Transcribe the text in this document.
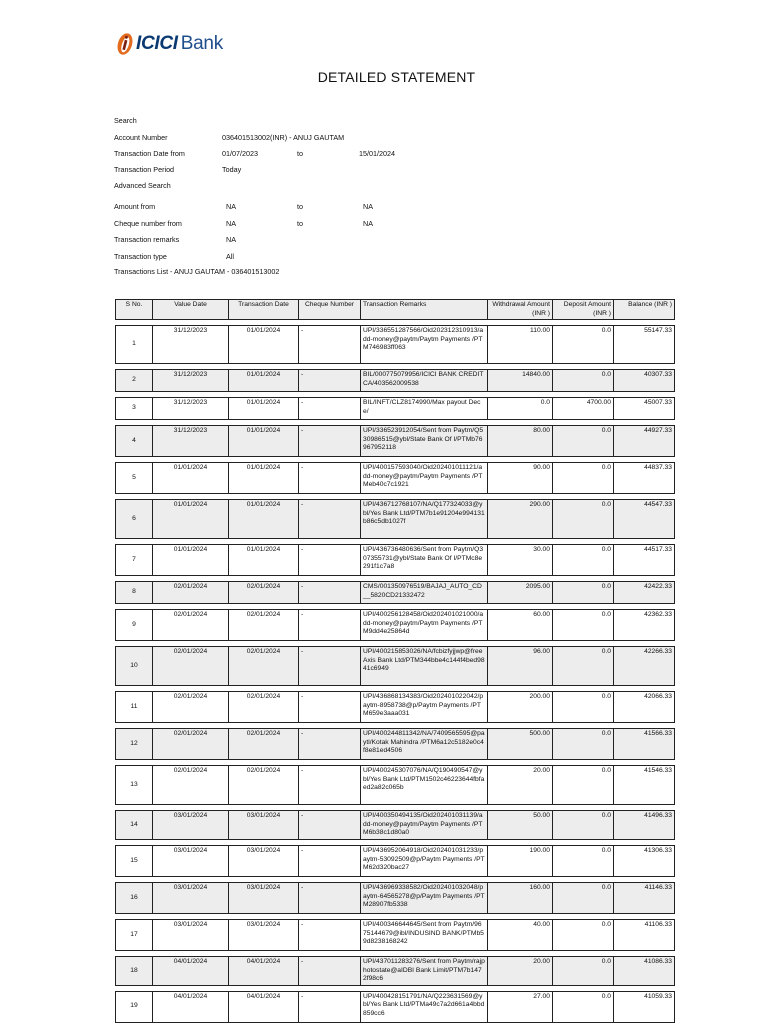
ICICI Bank
DETAILED STATEMENT
Search
Account Number	036401513002(INR) - ANUJ GAUTAM
Transaction Date from	01/07/2023	to	15/01/2024
Transaction Period	Today
Advanced Search
Amount from	NA	to	NA
Cheque number from	NA	to	NA
Transaction remarks	NA
Transaction type	All
Transactions List - ANUJ GAUTAM - 036401513002
S No.	Value Date	Transaction Date	Cheque Number	Transaction Remarks	Withdrawal Amount (INR )	Deposit Amount (INR )	Balance (INR )

1	31/12/2023	01/01/2024	-	UPI/336551287566/Oid202312310913/add-money@paytm/Paytm Payments /PTM746983ff063	110.00	0.0	55147.33

2	31/12/2023	01/01/2024	-	BIL/000775079956/ICICI BANK CREDIT CA/403562009538	14840.00	0.0	40307.33

3	31/12/2023	01/01/2024	-	BIL/INFT/CLZ8174990/Max payout Dece/	0.0	4700.00	45007.33

4	31/12/2023	01/01/2024	-	UPI/336523912054/Sent from Paytm/Q530986515@ybl/State Bank Of I/PTMb76967952118	80.00	0.0	44927.33

5	01/01/2024	01/01/2024	-	UPI/400157593040/Oid202401011121/add-money@paytm/Paytm Payments /PTMeb40c7c1921	90.00	0.0	44837.33

6	01/01/2024	01/01/2024	-	UPI/436712768107/NA/Q177324033@ybl/Yes Bank Ltd/PTM7b1e91204e994131b86c5db1027f	290.00	0.0	44547.33

7	01/01/2024	01/01/2024	-	UPI/436736480636/Sent from Paytm/Q307355731@ybl/State Bank Of I/PTMc8e291f1c7a8	30.00	0.0	44517.33

8	02/01/2024	02/01/2024	-	CMS/001350976519/BAJAJ_AUTO_CD__5820CD21332472	2095.00	0.0	42422.33

9	02/01/2024	02/01/2024	-	UPI/400256128458/Oid202401021000/add-money@paytm/Paytm Payments /PTM9dd4e25864d	60.00	0.0	42362.33

10	02/01/2024	02/01/2024	-	UPI/400215853026/NA/fcbizfyjjwp@freeAxis Bank Ltd/PTM344bbe4c144f4bed9841c6949	96.00	0.0	42266.33

11	02/01/2024	02/01/2024	-	UPI/436868134383/Oid202401022042/paytm-8958738@p/Paytm Payments /PTM659e3aaa031	200.00	0.0	42066.33

12	02/01/2024	02/01/2024	-	UPI/400244811342/NA/7409565595@paytl/Kotak Mahindra /PTM6a12c5182e0c4f8e81ed4506	500.00	0.0	41566.33

13	02/01/2024	02/01/2024	-	UPI/400245307076/NA/Q190490547@ybl/Yes Bank Ltd/PTM1502c46223644fbfaed2a82c065b	20.00	0.0	41546.33

14	03/01/2024	03/01/2024	-	UPI/400350494135/Oid202401031139/add-money@paytm/Paytm Payments /PTM6b38c1d80a0	50.00	0.0	41496.33

15	03/01/2024	03/01/2024	-	UPI/436952064918/Oid202401031233/paytm-53092509@p/Paytm Payments /PTM62d320bac27	190.00	0.0	41306.33

16	03/01/2024	03/01/2024	-	UPI/436969338582/Oid202401032048/paytm-64565278@p/Paytm Payments /PTM28907fb5338	160.00	0.0	41146.33

17	03/01/2024	03/01/2024	-	UPI/400346644645/Sent from Paytm/9675144679@ibl/INDUSIND BANK/PTMb59d8238168242	40.00	0.0	41106.33

18	04/01/2024	04/01/2024	-	UPI/437011283276/Sent from Paytm/rajphotostate@aIDBI Bank Limit/PTM7b1472f98c6	20.00	0.0	41086.33

19	04/01/2024	04/01/2024	-	UPI/400428151791/NA/Q223631569@ybl/Yes Bank Ltd/PTMa49c7a2d661a4bbd859cc6	27.00	0.0	41059.33
